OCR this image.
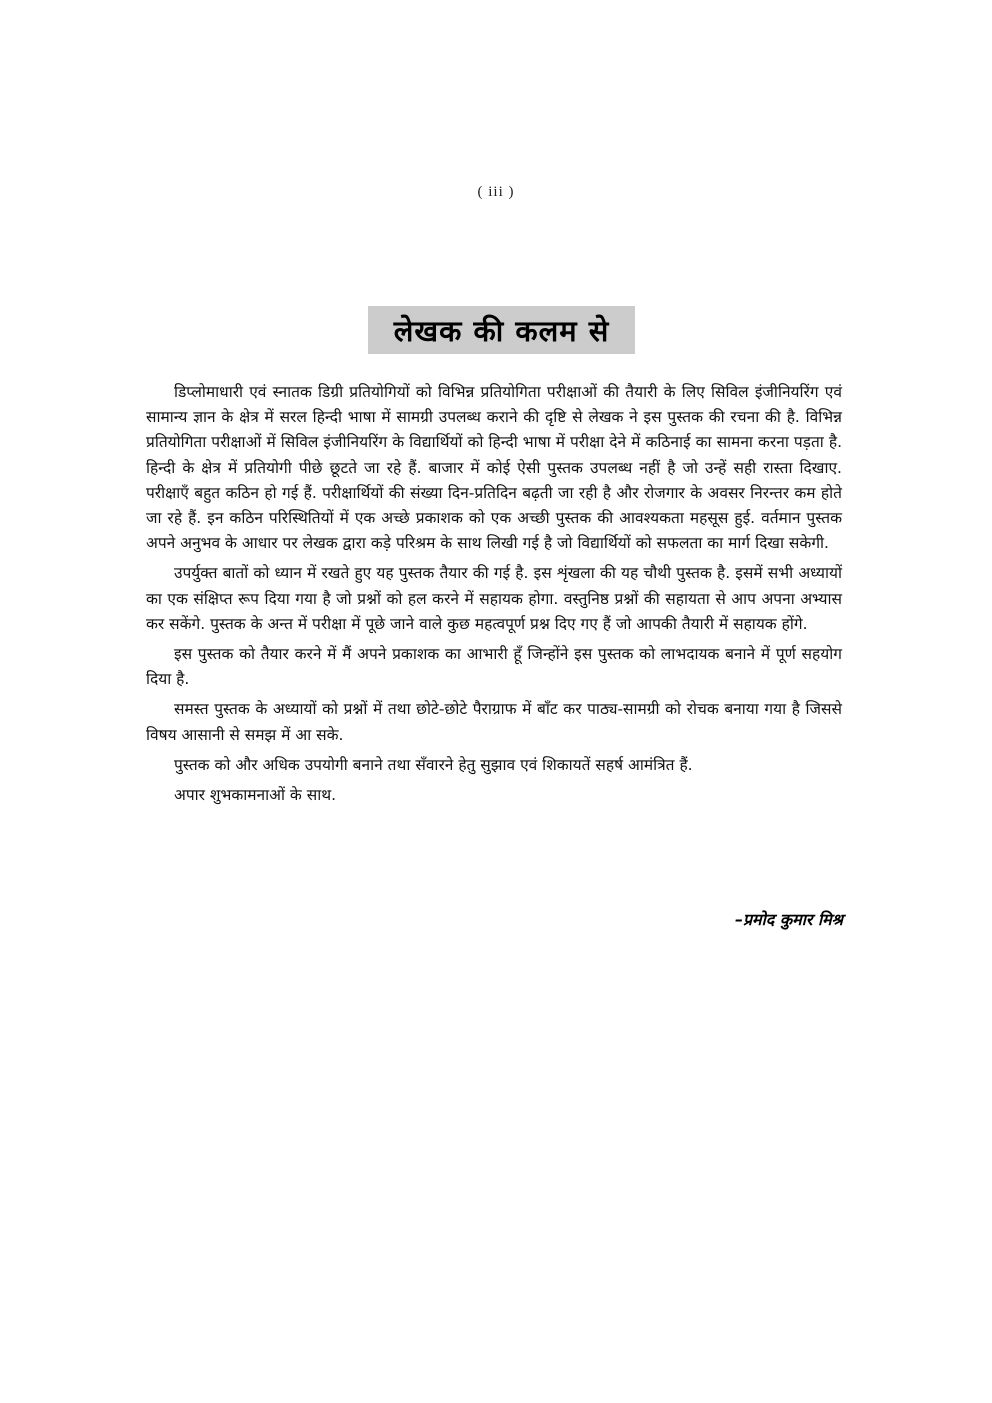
( iii )
लेखक की कलम से

डिप्लोमाधारी एवं स्नातक डिग्री प्रतियोगियों को विभिन्न प्रतियोगिता परीक्षाओं की तैयारी के लिए सिविल इंजीनियरिंग एवं सामान्य ज्ञान के क्षेत्र में सरल हिन्दी भाषा में सामग्री उपलब्ध कराने की दृष्टि से लेखक ने इस पुस्तक की रचना की है. विभिन्न प्रतियोगिता परीक्षाओं में सिविल इंजीनियरिंग के विद्यार्थियों को हिन्दी भाषा में परीक्षा देने में कठिनाई का सामना करना पड़ता है. हिन्दी के क्षेत्र में प्रतियोगी पीछे छूटते जा रहे हैं. बाजार में कोई ऐसी पुस्तक उपलब्ध नहीं है जो उन्हें सही रास्ता दिखाए. परीक्षाएँ बहुत कठिन हो गई हैं. परीक्षार्थियों की संख्या दिन-प्रतिदिन बढ़ती जा रही है और रोजगार के अवसर निरन्तर कम होते जा रहे हैं. इन कठिन परिस्थितियों में एक अच्छे प्रकाशक को एक अच्छी पुस्तक की आवश्यकता महसूस हुई. वर्तमान पुस्तक अपने अनुभव के आधार पर लेखक द्वारा कड़े परिश्रम के साथ लिखी गई है जो विद्यार्थियों को सफलता का मार्ग दिखा सकेगी.

उपर्युक्त बातों को ध्यान में रखते हुए यह पुस्तक तैयार की गई है. इस शृंखला की यह चौथी पुस्तक है. इसमें सभी अध्यायों का एक संक्षिप्त रूप दिया गया है जो प्रश्नों को हल करने में सहायक होगा. वस्तुनिष्ठ प्रश्नों की सहायता से आप अपना अभ्यास कर सकेंगे. पुस्तक के अन्त में परीक्षा में पूछे जाने वाले कुछ महत्वपूर्ण प्रश्न दिए गए हैं जो आपकी तैयारी में सहायक होंगे.

इस पुस्तक को तैयार करने में मैं अपने प्रकाशक का आभारी हूँ जिन्होंने इस पुस्तक को लाभदायक बनाने में पूर्ण सहयोग दिया है.

समस्त पुस्तक के अध्यायों को प्रश्नों में तथा छोटे-छोटे पैराग्राफ में बाँट कर पाठ्य-सामग्री को रोचक बनाया गया है जिससे विषय आसानी से समझ में आ सके.

पुस्तक को और अधिक उपयोगी बनाने तथा सँवारने हेतु सुझाव एवं शिकायतें सहर्ष आमंत्रित हैं.

अपार शुभकामनाओं के साथ.

–प्रमोद कुमार मिश्र
